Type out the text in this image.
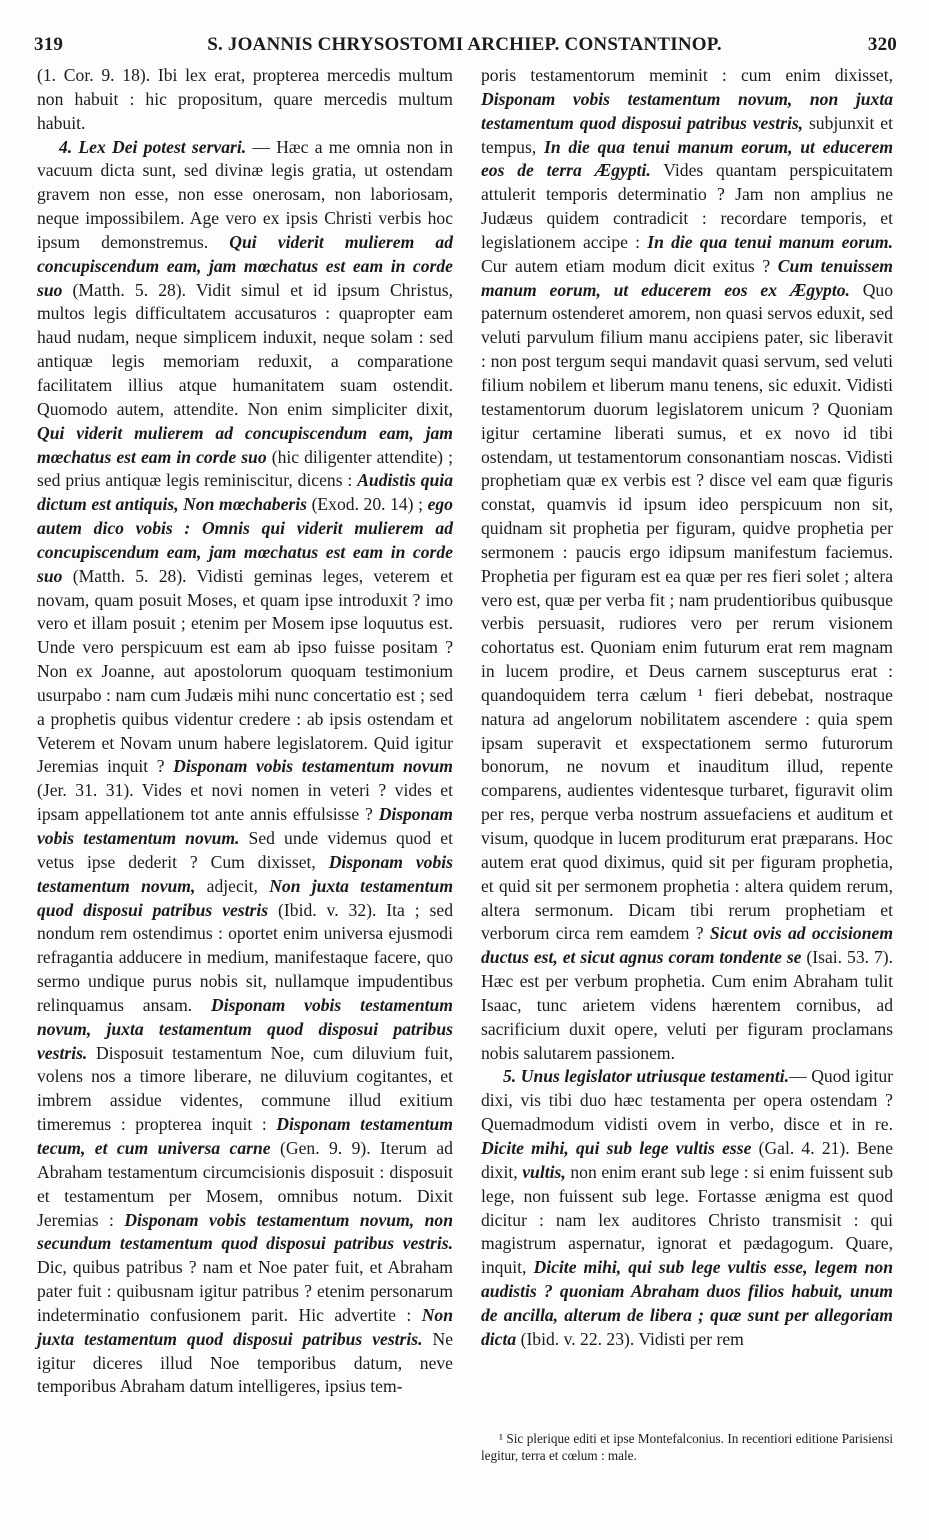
319	S. JOANNIS CHRYSOSTOMI ARCHIEP. CONSTANTINOP.	320

(1. Cor. 9. 18). Ibi lex erat, propterea mercedis multum non habuit : hic propositum, quare mercedis multum habuit.

4. Lex Dei potest servari. — Hæc a me omnia non in vacuum dicta sunt, sed divinæ legis gratia, ut ostendam gravem non esse, non esse onerosam, non laboriosam, neque impossibilem. Age vero ex ipsis Christi verbis hoc ipsum demonstremus. Qui viderit mulierem ad concupiscendum eam, jam mœchatus est eam in corde suo (Matth. 5. 28). Vidit simul et id ipsum Christus, multos legis difficultatem accusaturos : quapropter eam haud nudam, neque simplicem induxit, neque solam : sed antiquæ legis memoriam reduxit, a comparatione facilitatem illius atque humanitatem suam ostendit. Quomodo autem, attendite. Non enim simpliciter dixit, Qui viderit mulierem ad concupiscendum eam, jam mœchatus est eam in corde suo (hic diligenter attendite) ; sed prius antiquæ legis reminiscitur, dicens : Audistis quia dictum est antiquis, Non mœchaberis (Exod. 20. 14) ; ego autem dico vobis : Omnis qui viderit mulierem ad concupiscendum eam, jam mœchatus est eam in corde suo (Matth. 5. 28). Vidisti geminas leges, veterem et novam, quam posuit Moses, et quam ipse introduxit ? imo vero et illam posuit ; etenim per Mosem ipse loquutus est. Unde vero perspicuum est eam ab ipso fuisse positam ? Non ex Joanne, aut apostolorum quoquam testimonium usurpabo : nam cum Judæis mihi nunc concertatio est ; sed a prophetis quibus videntur credere : ab ipsis ostendam et Veterem et Novam unum habere legislatorem. Quid igitur Jeremias inquit ? Disponam vobis testamentum novum (Jer. 31. 31). Vides et novi nomen in veteri ? vides et ipsam appellationem tot ante annis effulsisse ? Disponam vobis testamentum novum. Sed unde videmus quod et vetus ipse dederit ? Cum dixisset, Disponam vobis testamentum novum, adjecit, Non juxta testamentum quod disposui patribus vestris (Ibid. v. 32). Ita ; sed nondum rem ostendimus : oportet enim universa ejusmodi refragantia adducere in medium, manifestaque facere, quo sermo undique purus nobis sit, nullamque impudentibus relinquamus ansam. Disponam vobis testamentum novum, juxta testamentum quod disposui patribus vestris. Disposuit testamentum Noe, cum diluvium fuit, volens nos a timore liberare, ne diluvium cogitantes, et imbrem assidue videntes, commune illud exitium timeremus : propterea inquit : Disponam testamentum tecum, et cum universa carne (Gen. 9. 9). Iterum ad Abraham testamentum circumcisionis disposuit : disposuit et testamentum per Mosem, omnibus notum. Dixit Jeremias : Disponam vobis testamentum novum, non secundum testamentum quod disposui patribus vestris. Dic, quibus patribus ? nam et Noe pater fuit, et Abraham pater fuit : quibusnam igitur patribus ? etenim personarum indeterminatio confusionem parit. Hic advertite : Non juxta testamentum quod disposui patribus vestris. Ne igitur diceres illud Noe temporibus datum, neve temporibus Abraham datum intelligeres, ipsius tem-

poris testamentorum meminit : cum enim dixisset, Disponam vobis testamentum novum, non juxta testamentum quod disposui patribus vestris, subjunxit et tempus, In die qua tenui manum eorum, ut educerem eos de terra Ægypti. Vides quantam perspicuitatem attulerit temporis determinatio ? Jam non amplius ne Judæus quidem contradicit : recordare temporis, et legislationem accipe : In die qua tenui manum eorum. Cur autem etiam modum dicit exitus ? Cum tenuissem manum eorum, ut educerem eos ex Ægypto. Quo paternum ostenderet amorem, non quasi servos eduxit, sed veluti parvulum filium manu accipiens pater, sic liberavit : non post tergum sequi mandavit quasi servum, sed veluti filium nobilem et liberum manu tenens, sic eduxit. Vidisti testamentorum duorum legislatorem unicum ? Quoniam igitur certamine liberati sumus, et ex novo id tibi ostendam, ut testamentorum consonantiam noscas. Vidisti prophetiam quæ ex verbis est ? disce vel eam quæ figuris constat, quamvis id ipsum ideo perspicuum non sit, quidnam sit prophetia per figuram, quidve prophetia per sermonem : paucis ergo idipsum manifestum faciemus. Prophetia per figuram est ea quæ per res fieri solet ; altera vero est, quæ per verba fit ; nam prudentioribus quibusque verbis persuasit, rudiores vero per rerum visionem cohortatus est. Quoniam enim futurum erat rem magnam in lucem prodire, et Deus carnem suscepturus erat : quandoquidem terra cælum ¹ fieri debebat, nostraque natura ad angelorum nobilitatem ascendere : quia spem ipsam superavit et exspectationem sermo futurorum bonorum, ne novum et inauditum illud, repente comparens, audientes videntesque turbaret, figuravit olim per res, perque verba nostrum assuefaciens et auditum et visum, quodque in lucem proditurum erat præparans. Hoc autem erat quod diximus, quid sit per figuram prophetia, et quid sit per sermonem prophetia : altera quidem rerum, altera sermonum. Dicam tibi rerum prophetiam et verborum circa rem eamdem ? Sicut ovis ad occisionem ductus est, et sicut agnus coram tondente se (Isai. 53. 7). Hæc est per verbum prophetia. Cum enim Abraham tulit Isaac, tunc arietem videns hærentem cornibus, ad sacrificium duxit opere, veluti per figuram proclamans nobis salutarem passionem.

5. Unus legislator utriusque testamenti.— Quod igitur dixi, vis tibi duo hæc testamenta per opera ostendam ? Quemadmodum vidisti ovem in verbo, disce et in re. Dicite mihi, qui sub lege vultis esse (Gal. 4. 21). Bene dixit, vultis, non enim erant sub lege : si enim fuissent sub lege, non fuissent sub lege. Fortasse ænigma est quod dicitur : nam lex auditores Christo transmisit : qui magistrum aspernatur, ignorat et pædagogum. Quare, inquit, Dicite mihi, qui sub lege vultis esse, legem non audistis ? quoniam Abraham duos filios habuit, unum de ancilla, alterum de libera ; quæ sunt per allegoriam dicta (Ibid. v. 22. 23). Vidisti per rem

¹ Sic plerique editi et ipse Montefalconius. In recentiori editione Parisiensi legitur, terra et cœlum : male.
